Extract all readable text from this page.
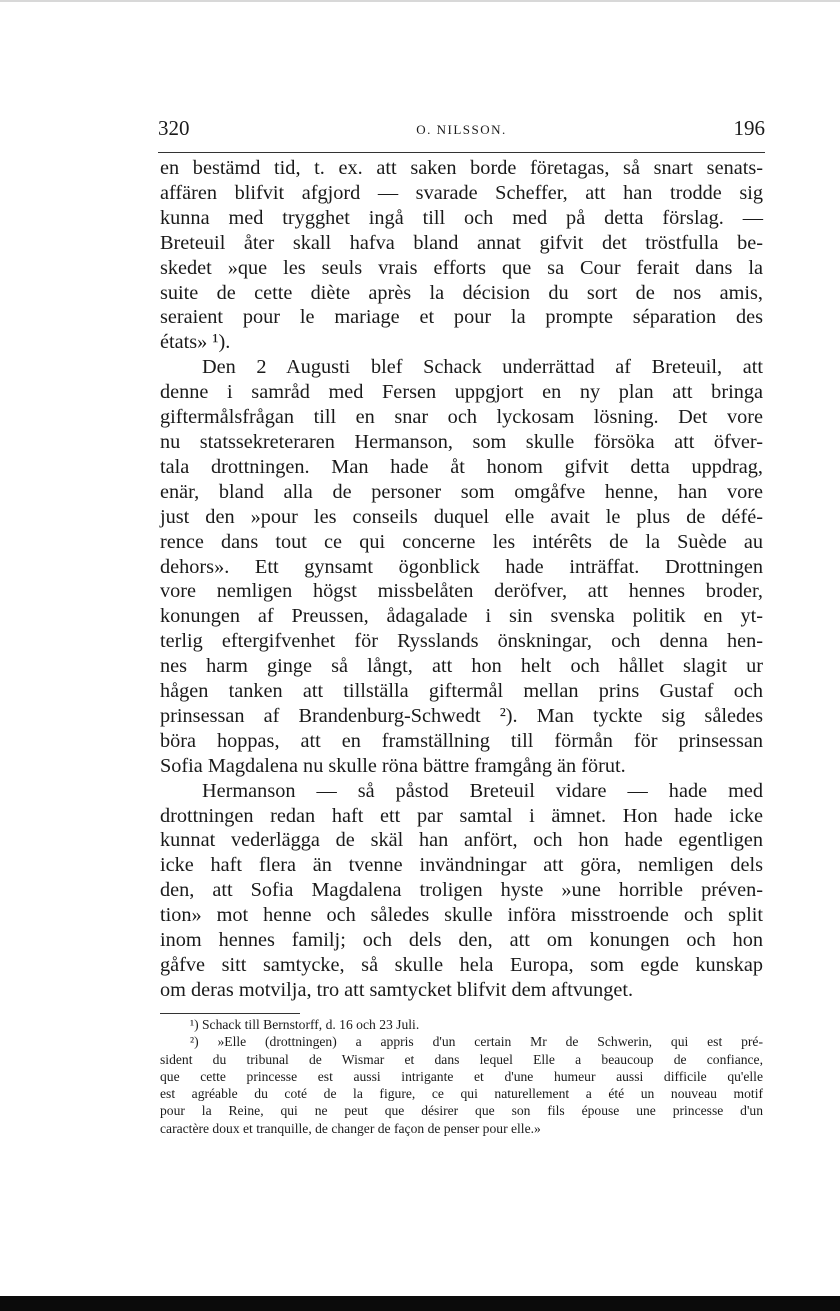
320	O. NILSSON.	196
en bestämd tid, t. ex. att saken borde företagas, så snart senats-
affären blifvit afgjord — svarade Scheffer, att han trodde sig
kunna med trygghet ingå till och med på detta förslag. —
Breteuil åter skall hafva bland annat gifvit det tröstfulla be-
skedet »que les seuls vrais efforts que sa Cour ferait dans la
suite de cette diète après la décision du sort de nos amis,
seraient pour le mariage et pour la prompte séparation des
états» ¹).
Den 2 Augusti blef Schack underrättad af Breteuil, att
denne i samråd med Fersen uppgjort en ny plan att bringa
giftermålsfrågan till en snar och lyckosam lösning. Det vore
nu statssekreteraren Hermanson, som skulle försöka att öfver-
tala drottningen. Man hade åt honom gifvit detta uppdrag,
enär, bland alla de personer som omgåfve henne, han vore
just den »pour les conseils duquel elle avait le plus de défé-
rence dans tout ce qui concerne les intérêts de la Suède au
dehors». Ett gynsamt ögonblick hade inträffat. Drottningen
vore nemligen högst missbelåten deröfver, att hennes broder,
konungen af Preussen, ådagalade i sin svenska politik en yt-
terlig eftergifvenhet för Rysslands önskningar, och denna hen-
nes harm ginge så långt, att hon helt och hållet slagit ur
hågen tanken att tillställa giftermål mellan prins Gustaf och
prinsessan af Brandenburg-Schwedt ²). Man tyckte sig således
böra hoppas, att en framställning till förmån för prinsessan
Sofia Magdalena nu skulle röna bättre framgång än förut.
Hermanson — så påstod Breteuil vidare — hade med
drottningen redan haft ett par samtal i ämnet. Hon hade icke
kunnat vederlägga de skäl han anfört, och hon hade egentligen
icke haft flera än tvenne invändningar att göra, nemligen dels
den, att Sofia Magdalena troligen hyste »une horrible préven-
tion» mot henne och således skulle införa misstroende och split
inom hennes familj; och dels den, att om konungen och hon
gåfve sitt samtycke, så skulle hela Europa, som egde kunskap
om deras motvilja, tro att samtycket blifvit dem aftvunget.
¹) Schack till Bernstorff, d. 16 och 23 Juli.
²) »Elle (drottningen) a appris d'un certain Mr de Schwerin, qui est pré-
sident du tribunal de Wismar et dans lequel Elle a beaucoup de confiance,
que cette princesse est aussi intrigante et d'une humeur aussi difficile qu'elle
est agréable du coté de la figure, ce qui naturellement a été un nouveau motif
pour la Reine, qui ne peut que désirer que son fils épouse une princesse d'un
caractère doux et tranquille, de changer de façon de penser pour elle.»
